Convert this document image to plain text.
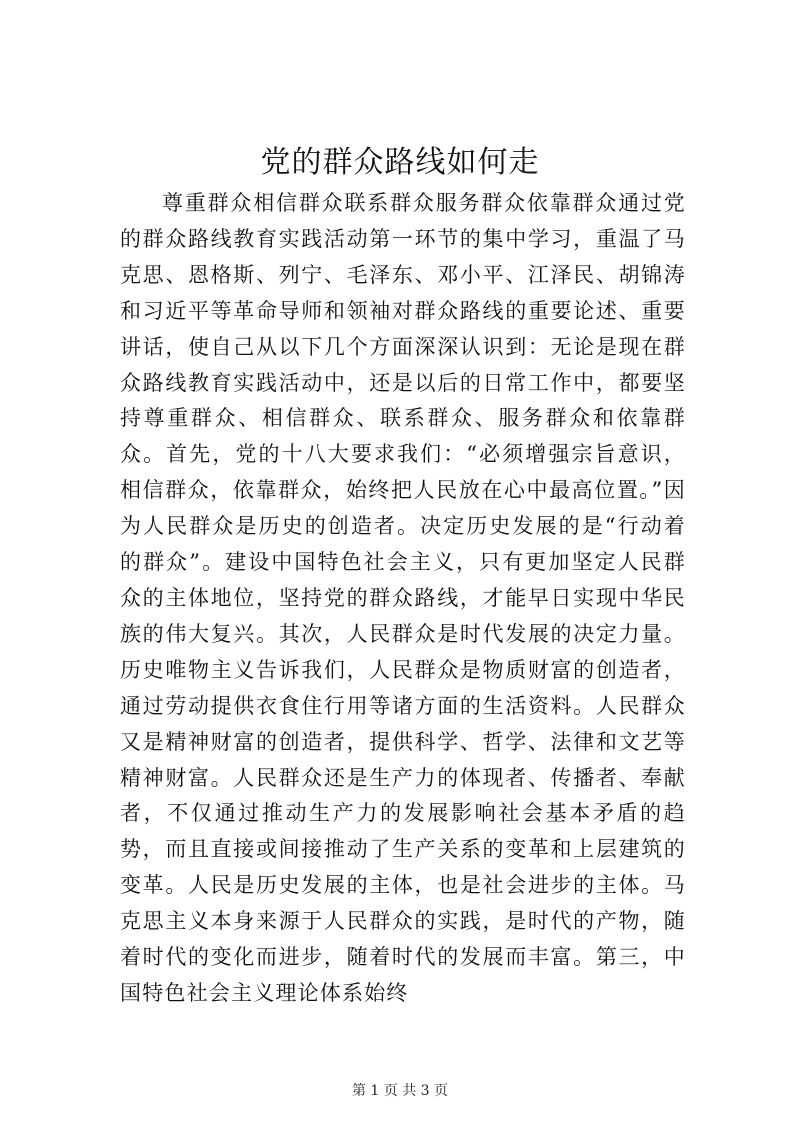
党的群众路线如何走

尊重群众相信群众联系群众服务群众依靠群众通过党的群众路线教育实践活动第一环节的集中学习，重温了马克思、恩格斯、列宁、毛泽东、邓小平、江泽民、胡锦涛和习近平等革命导师和领袖对群众路线的重要论述、重要讲话，使自己从以下几个方面深深认识到：无论是现在群众路线教育实践活动中，还是以后的日常工作中，都要坚持尊重群众、相信群众、联系群众、服务群众和依靠群众。首先，党的十八大要求我们：“必须增强宗旨意识，相信群众，依靠群众，始终把人民放在心中最高位置。”因为人民群众是历史的创造者。决定历史发展的是“行动着的群众”。建设中国特色社会主义，只有更加坚定人民群众的主体地位，坚持党的群众路线，才能早日实现中华民族的伟大复兴。其次，人民群众是时代发展的决定力量。历史唯物主义告诉我们，人民群众是物质财富的创造者，通过劳动提供衣食住行用等诸方面的生活资料。人民群众又是精神财富的创造者，提供科学、哲学、法律和文艺等精神财富。人民群众还是生产力的体现者、传播者、奉献者，不仅通过推动生产力的发展影响社会基本矛盾的趋势，而且直接或间接推动了生产关系的变革和上层建筑的变革。人民是历史发展的主体，也是社会进步的主体。马克思主义本身来源于人民群众的实践，是时代的产物，随着时代的变化而进步，随着时代的发展而丰富。第三，中国特色社会主义理论体系始终

第 1 页 共 3 页
